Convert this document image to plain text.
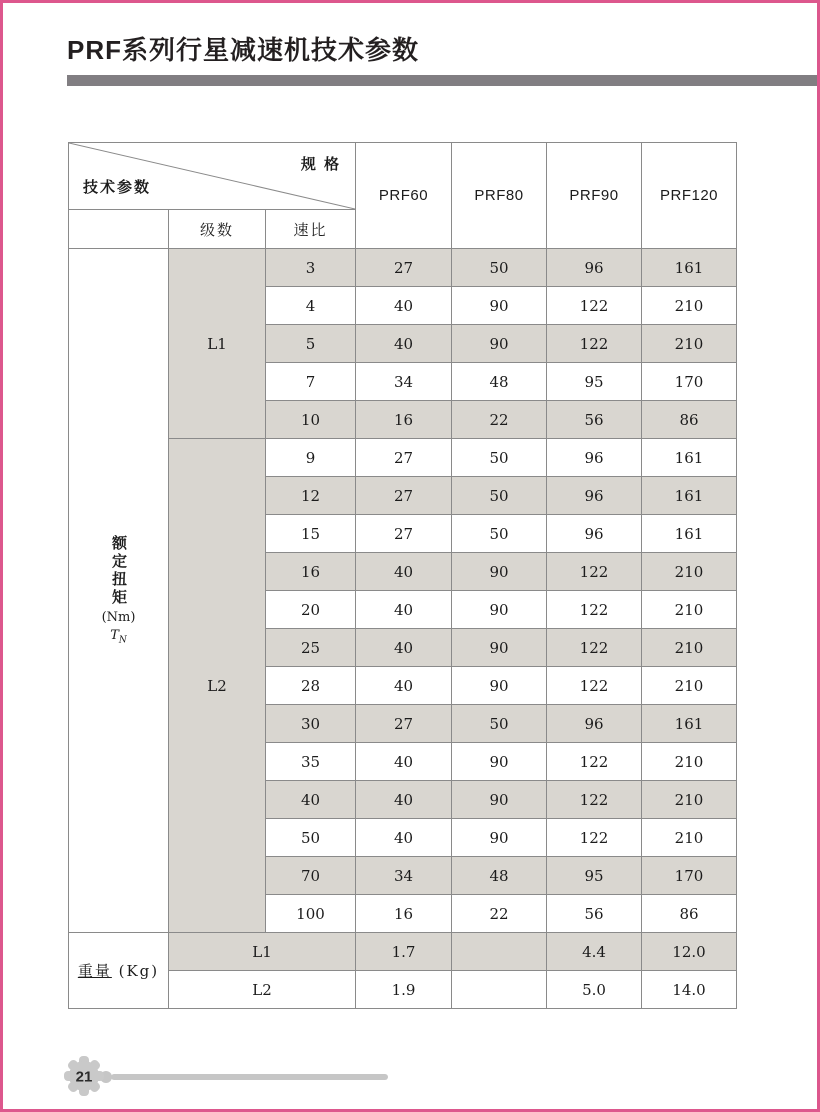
PRF系列行星减速机技术参数
规 格
技术参数			PRF60	PRF80	PRF90	PRF120
	级数	速比				

额定扭矩
(Nm)
$T_N$	L1	3	27	50	96	161
		4	40	90	122	210
		5	40	90	122	210
		7	34	48	95	170
		10	16	22	56	86
	L2	9	27	50	96	161
		12	27	50	96	161
		15	27	50	96	161
		16	40	90	122	210
		20	40	90	122	210
		25	40	90	122	210
		28	40	90	122	210
		30	27	50	96	161
		35	40	90	122	210
		40	40	90	122	210
		50	40	90	122	210
		70	34	48	95	170
		100	16	22	56	86
重量 (Kg)	L1		1.7		4.4	12.0
	L2		1.9		5.0	14.0
21
